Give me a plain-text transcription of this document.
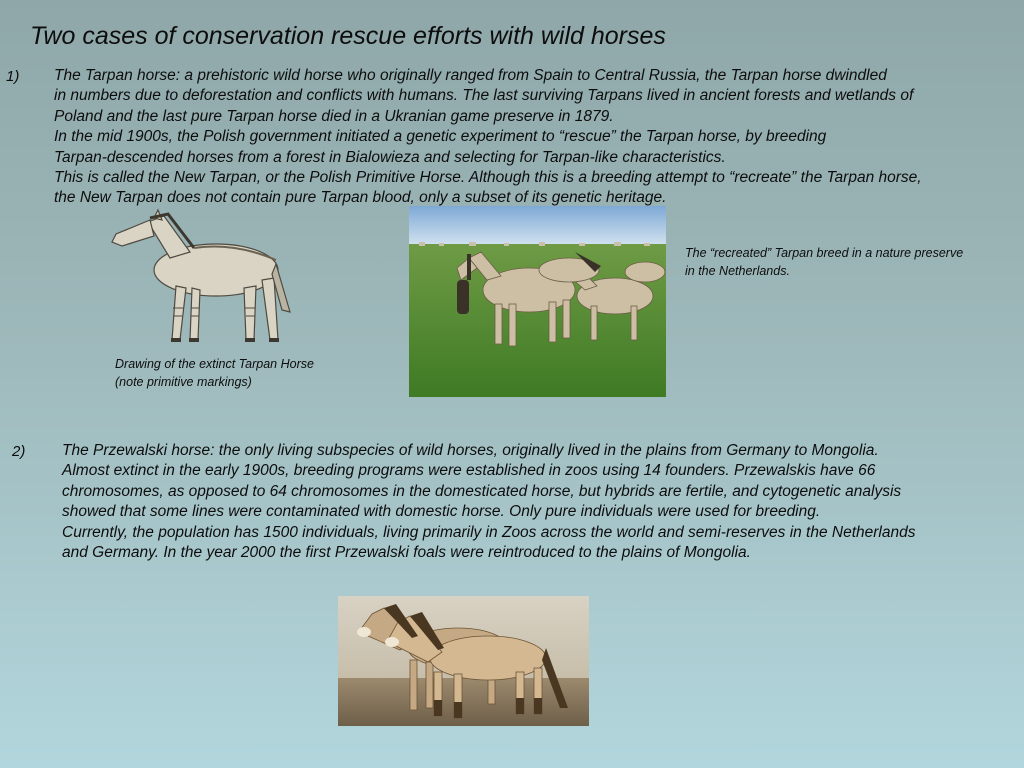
Two cases of conservation rescue efforts with wild horses
1) The Tarpan horse: a prehistoric wild horse who originally ranged from Spain to Central Russia, the Tarpan horse dwindled
in numbers due to deforestation and conflicts with humans. The last surviving Tarpans lived in ancient forests and wetlands of
Poland and the last pure Tarpan horse died in a Ukranian game preserve in 1879.
In the mid 1900s, the Polish government initiated a genetic experiment to “rescue” the Tarpan horse, by breeding
Tarpan-descended horses from a forest in Bialowieza and selecting for Tarpan-like characteristics.
This is called the New Tarpan, or the Polish Primitive Horse. Although this is a breeding attempt to “recreate” the Tarpan horse,
the New Tarpan does not contain pure Tarpan blood, only a subset of its genetic heritage.
Drawing of the extinct Tarpan Horse
(note primitive markings)
The “recreated” Tarpan breed in a nature preserve
in the Netherlands.
2) The Przewalski horse: the only living subspecies of wild horses, originally lived in the plains from Germany to Mongolia.
Almost extinct in the early 1900s, breeding programs were established in zoos using 14 founders. Przewalskis have 66
chromosomes, as opposed to 64 chromosomes in the domesticated horse, but hybrids are fertile, and cytogenetic analysis
showed that some lines were contaminated with domestic horse. Only pure individuals were used for breeding.
Currently, the population has 1500 individuals, living primarily in Zoos across the world and semi-reserves in the Netherlands
and Germany. In the year 2000 the first Przewalski foals were reintroduced to the plains of Mongolia.
